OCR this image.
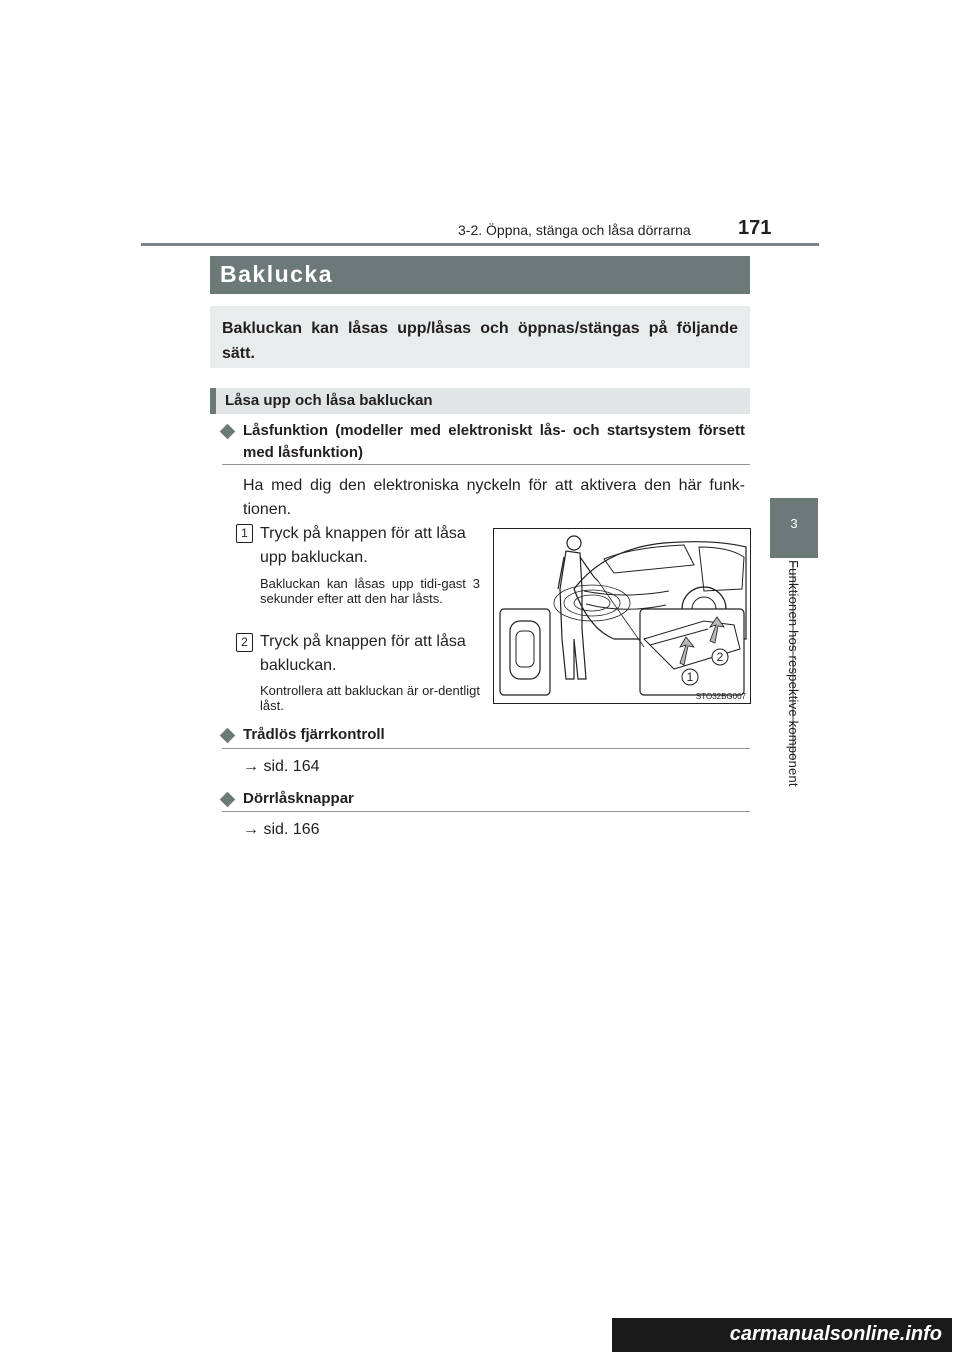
3-2. Öppna, stänga och låsa dörrarna 171
3
Funktionen hos respektive komponent
Baklucka
Bakluckan kan låsas upp/låsas och öppnas/stängas på följande sätt.
Låsa upp och låsa bakluckan
Låsfunktion (modeller med elektroniskt lås- och startsystem försett med låsfunktion)
Ha med dig den elektroniska nyckeln för att aktivera den här funk-tionen.
1 Tryck på knappen för att låsa upp bakluckan.
Bakluckan kan låsas upp tidi-gast 3 sekunder efter att den har låsts.
2 Tryck på knappen för att låsa bakluckan.
Kontrollera att bakluckan är or-dentligt låst.
1
2
STO32BG007
Trådlös fjärrkontroll
→ sid. 164
Dörrlåsknappar
→ sid. 166
carmanualsonline.info
